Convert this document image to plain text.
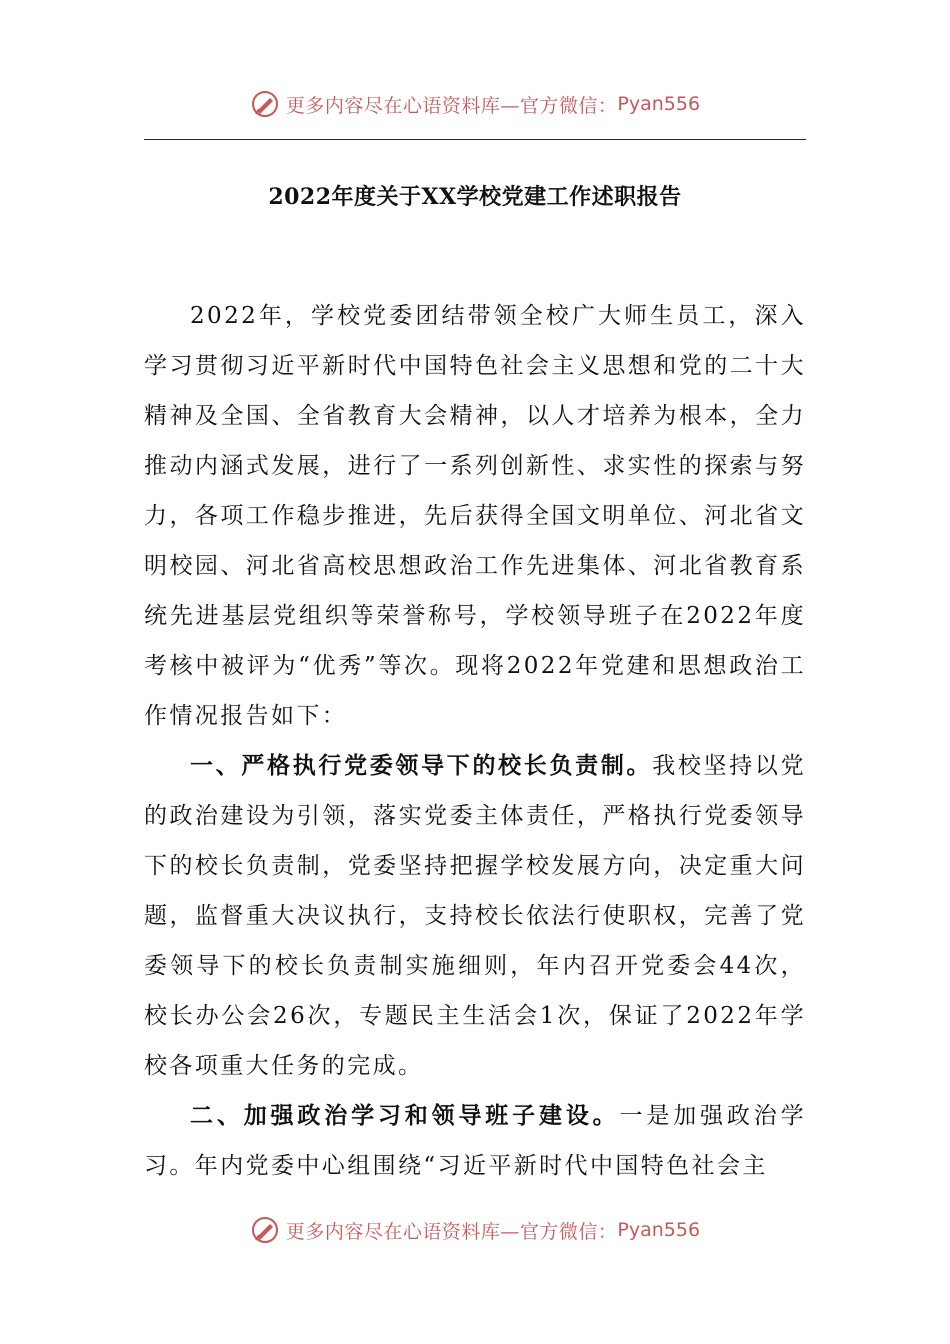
更多内容尽在心语资料库—官方微信： Pyan556
2022年度关于XX学校党建工作述职报告

2022年，学校党委团结带领全校广大师生员工，深入学习贯彻习近平新时代中国特色社会主义思想和党的二十大精神及全国、全省教育大会精神，以人才培养为根本，全力推动内涵式发展，进行了一系列创新性、求实性的探索与努力，各项工作稳步推进，先后获得全国文明单位、河北省文明校园、河北省高校思想政治工作先进集体、河北省教育系统先进基层党组织等荣誉称号，学校领导班子在2022年度考核中被评为“优秀”等次。现将2022年党建和思想政治工作情况报告如下：

一、严格执行党委领导下的校长负责制。我校坚持以党的政治建设为引领，落实党委主体责任，严格执行党委领导下的校长负责制，党委坚持把握学校发展方向，决定重大问题，监督重大决议执行，支持校长依法行使职权，完善了党委领导下的校长负责制实施细则，年内召开党委会44次，校长办公会26次，专题民主生活会1次，保证了2022年学校各项重大任务的完成。

二、加强政治学习和领导班子建设。一是加强政治学习。年内党委中心组围绕“习近平新时代中国特色社会主

更多内容尽在心语资料库—官方微信： Pyan556
